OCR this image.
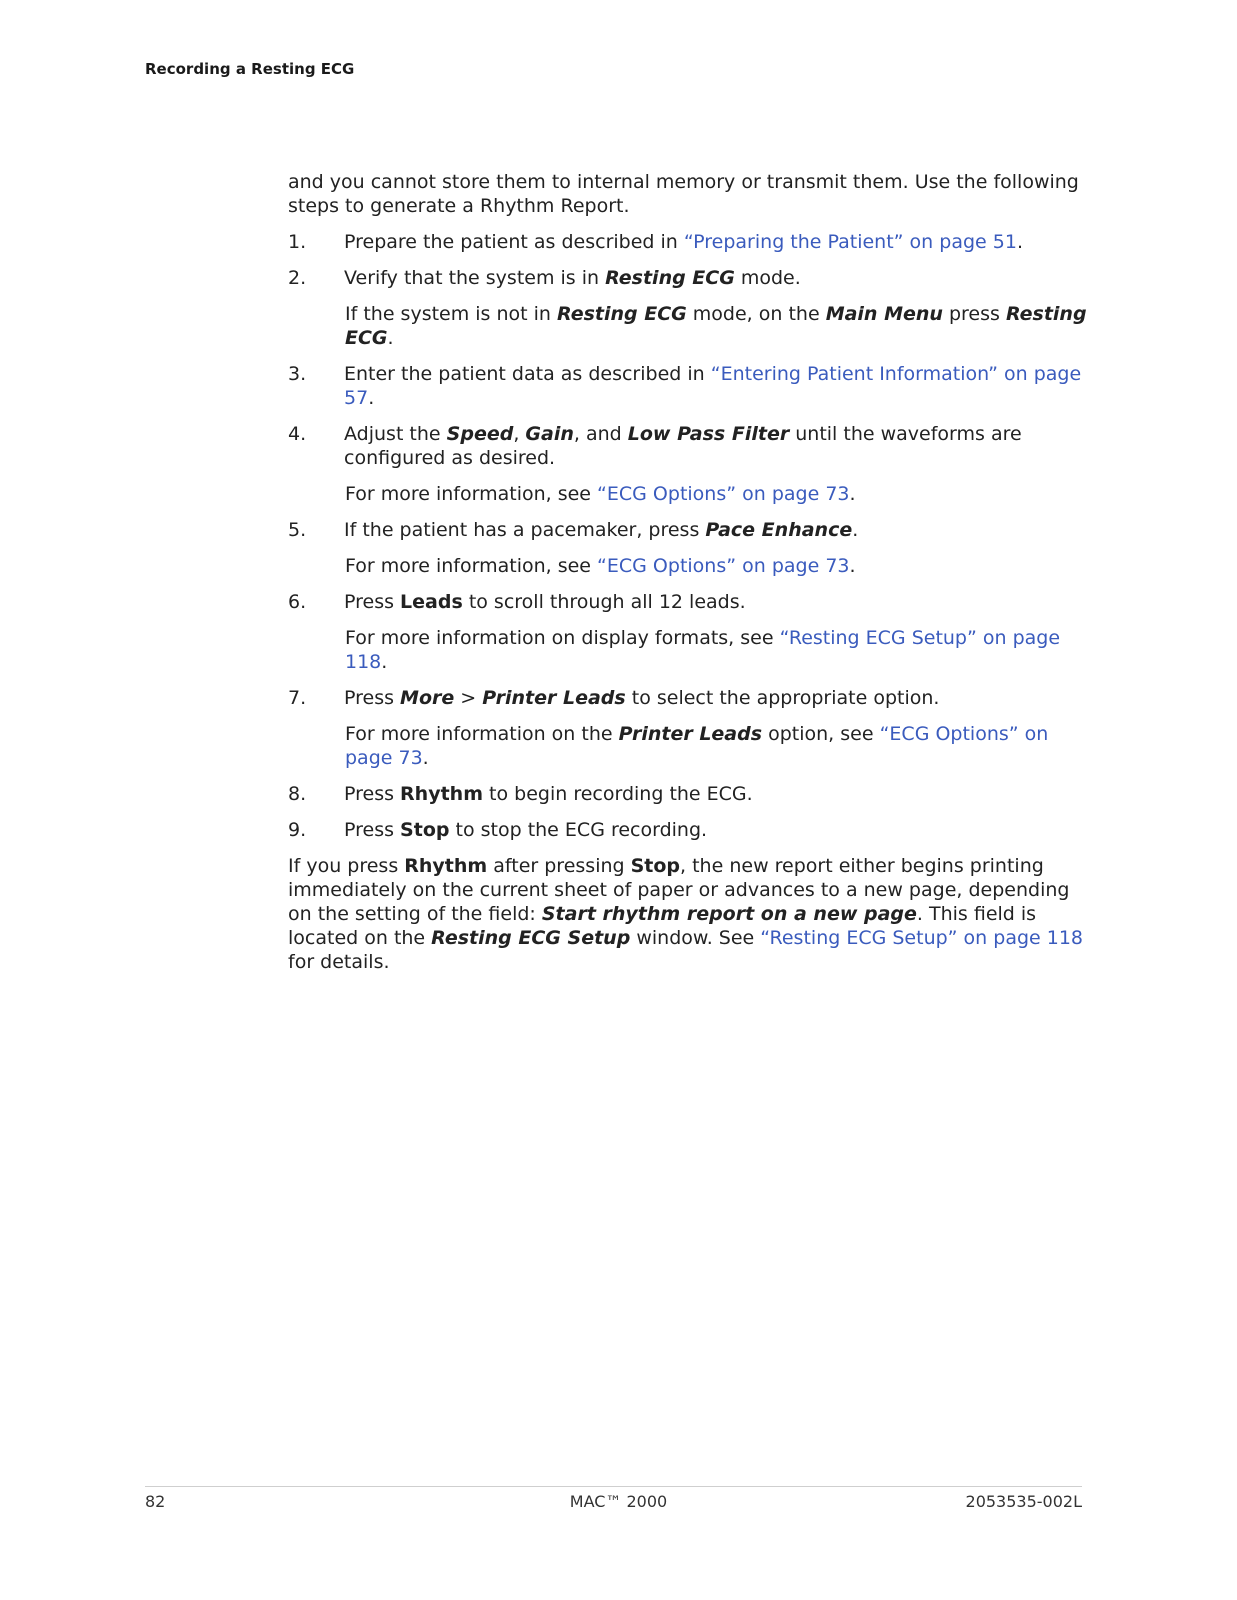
Recording a Resting ECG

and you cannot store them to internal memory or transmit them. Use the following steps to generate a Rhythm Report.

1. Prepare the patient as described in “Preparing the Patient” on page 51.
2. Verify that the system is in Resting ECG mode.

If the system is not in Resting ECG mode, on the Main Menu press Resting ECG.

3. Enter the patient data as described in “Entering Patient Information” on page 57.
4. Adjust the Speed, Gain, and Low Pass Filter until the waveforms are configured as desired.

For more information, see “ECG Options” on page 73.

5. If the patient has a pacemaker, press Pace Enhance.

For more information, see “ECG Options” on page 73.

6. Press Leads to scroll through all 12 leads.

For more information on display formats, see “Resting ECG Setup” on page 118.

7. Press More > Printer Leads to select the appropriate option.

For more information on the Printer Leads option, see “ECG Options” on page 73.

8. Press Rhythm to begin recording the ECG.
9. Press Stop to stop the ECG recording.

If you press Rhythm after pressing Stop, the new report either begins printing immediately on the current sheet of paper or advances to a new page, depending on the setting of the field: Start rhythm report on a new page. This field is located on the Resting ECG Setup window. See “Resting ECG Setup” on page 118 for details.

82	MAC™ 2000	2053535-002L
